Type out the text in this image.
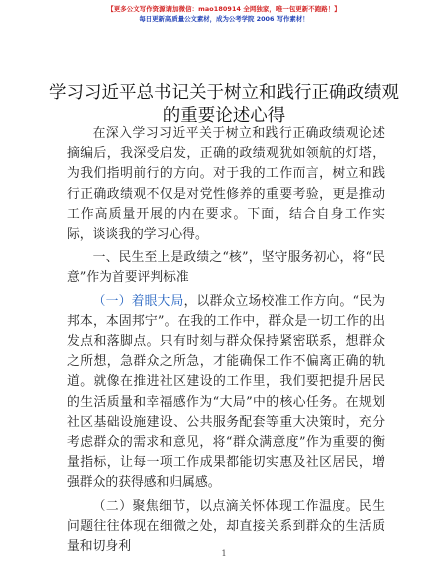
【更多公文写作资源请加微信：mao180914 全网独家，唯一包更新不跑路！】
每日更新高质量公文素材，成为公考学院 2006 写作素材！
学习习近平总书记关于树立和践行正确政绩观
的重要论述心得

在深入学习习近平关于树立和践行正确政绩观论述摘编后，我深受启发，正确的政绩观犹如领航的灯塔，为我们指明前行的方向。对于我的工作而言，树立和践行正确政绩观不仅是对党性修养的重要考验，更是推动工作高质量开展的内在要求。下面，结合自身工作实际，谈谈我的学习心得。

一、民生至上是政绩之“核”，坚守服务初心，将“民意”作为首要评判标准

（一）着眼大局，以群众立场校准工作方向。“民为邦本，本固邦宁”。在我的工作中，群众是一切工作的出发点和落脚点。只有时刻与群众保持紧密联系，想群众之所想，急群众之所急，才能确保工作不偏离正确的轨道。就像在推进社区建设的工作里，我们要把提升居民的生活质量和幸福感作为“大局”中的核心任务。在规划社区基础设施建设、公共服务配套等重大决策时，充分考虑群众的需求和意见，将“群众满意度”作为重要的衡量指标，让每一项工作成果都能切实惠及社区居民，增强群众的获得感和归属感。

（二）聚焦细节，以点滴关怀体现工作温度。民生问题往往体现在细微之处，却直接关系到群众的生活质量和切身利	1
